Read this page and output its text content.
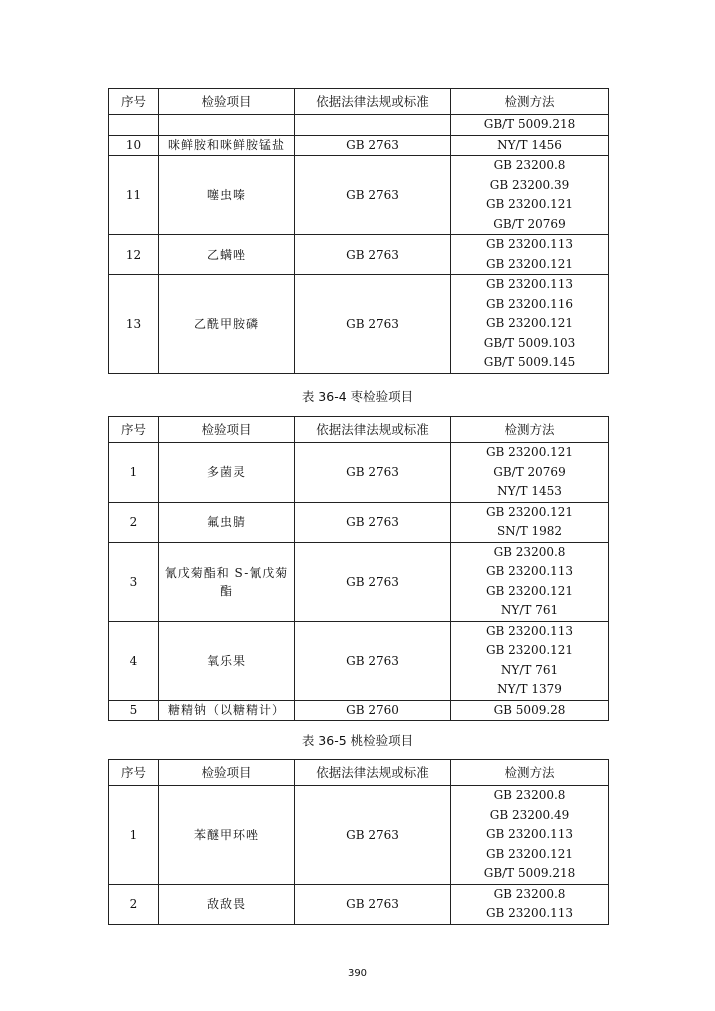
序号	检验项目	依据法律法规或标准	检测方法

			GB/T 5009.218

10	咪鲜胺和咪鲜胺锰盐	GB 2763	NY/T 1456

11	噻虫嗪	GB 2763	GB 23200.8
GB 23200.39
GB 23200.121
GB/T 20769

12	乙螨唑	GB 2763	GB 23200.113
GB 23200.121

13	乙酰甲胺磷	GB 2763	GB 23200.113
GB 23200.116
GB 23200.121
GB/T 5009.103
GB/T 5009.145
表 36-4 枣检验项目
序号	检验项目	依据法律法规或标准	检测方法
1	多菌灵	GB 2763	GB 23200.121
GB/T 20769
NY/T 1453

2	氟虫腈	GB 2763	GB 23200.121
SN/T 1982

3	氰戊菊酯和 S-氰戊菊酯	GB 2763	GB 23200.8
GB 23200.113
GB 23200.121
NY/T 761

4	氧乐果	GB 2763	GB 23200.113
GB 23200.121
NY/T 761
NY/T 1379

5	糖精钠（以糖精计）	GB 2760	GB 5009.28
表 36-5 桃检验项目
序号	检验项目	依据法律法规或标准	检测方法
1	苯醚甲环唑	GB 2763	GB 23200.8
GB 23200.49
GB 23200.113
GB 23200.121
GB/T 5009.218

2	敌敌畏	GB 2763	GB 23200.8
GB 23200.113
390
